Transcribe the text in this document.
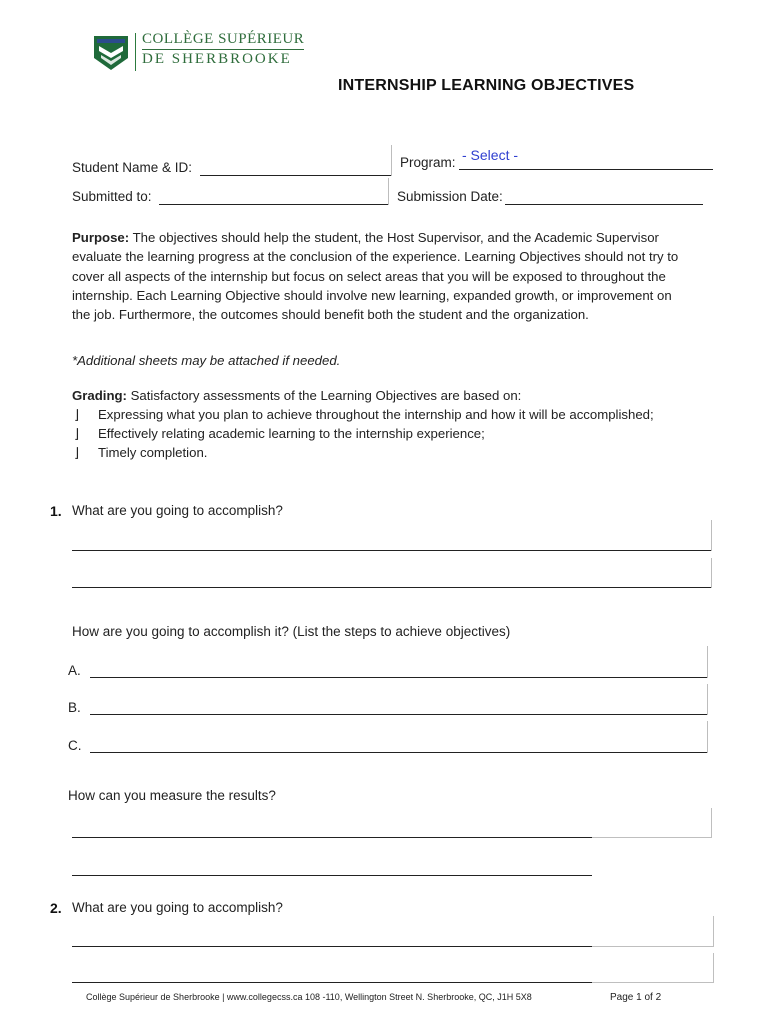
COLLÈGE SUPÉRIEUR
DE SHERBROOKE
INTERNSHIP LEARNING OBJECTIVES
Student Name & ID:	Program: - Select -
Submitted to:	Submission Date:
Purpose: The objectives should help the student, the Host Supervisor, and the Academic Supervisor evaluate the learning progress at the conclusion of the experience. Learning Objectives should not try to cover all aspects of the internship but focus on select areas that you will be exposed to throughout the internship. Each Learning Objective should involve new learning, expanded growth, or improvement on the job. Furthermore, the outcomes should benefit both the student and the organization.
*Additional sheets may be attached if needed.
Grading: Satisfactory assessments of the Learning Objectives are based on:
⌋ Expressing what you plan to achieve throughout the internship and how it will be accomplished;
⌋ Effectively relating academic learning to the internship experience;
⌋ Timely completion.
1. What are you going to accomplish?
How are you going to accomplish it? (List the steps to achieve objectives)
A.
B.
C.
How can you measure the results?
2. What are you going to accomplish?
Collège Supérieur de Sherbrooke | www.collegecss.ca 108 -110, Wellington Street N. Sherbrooke, QC, J1H 5X8	Page 1 of 2
